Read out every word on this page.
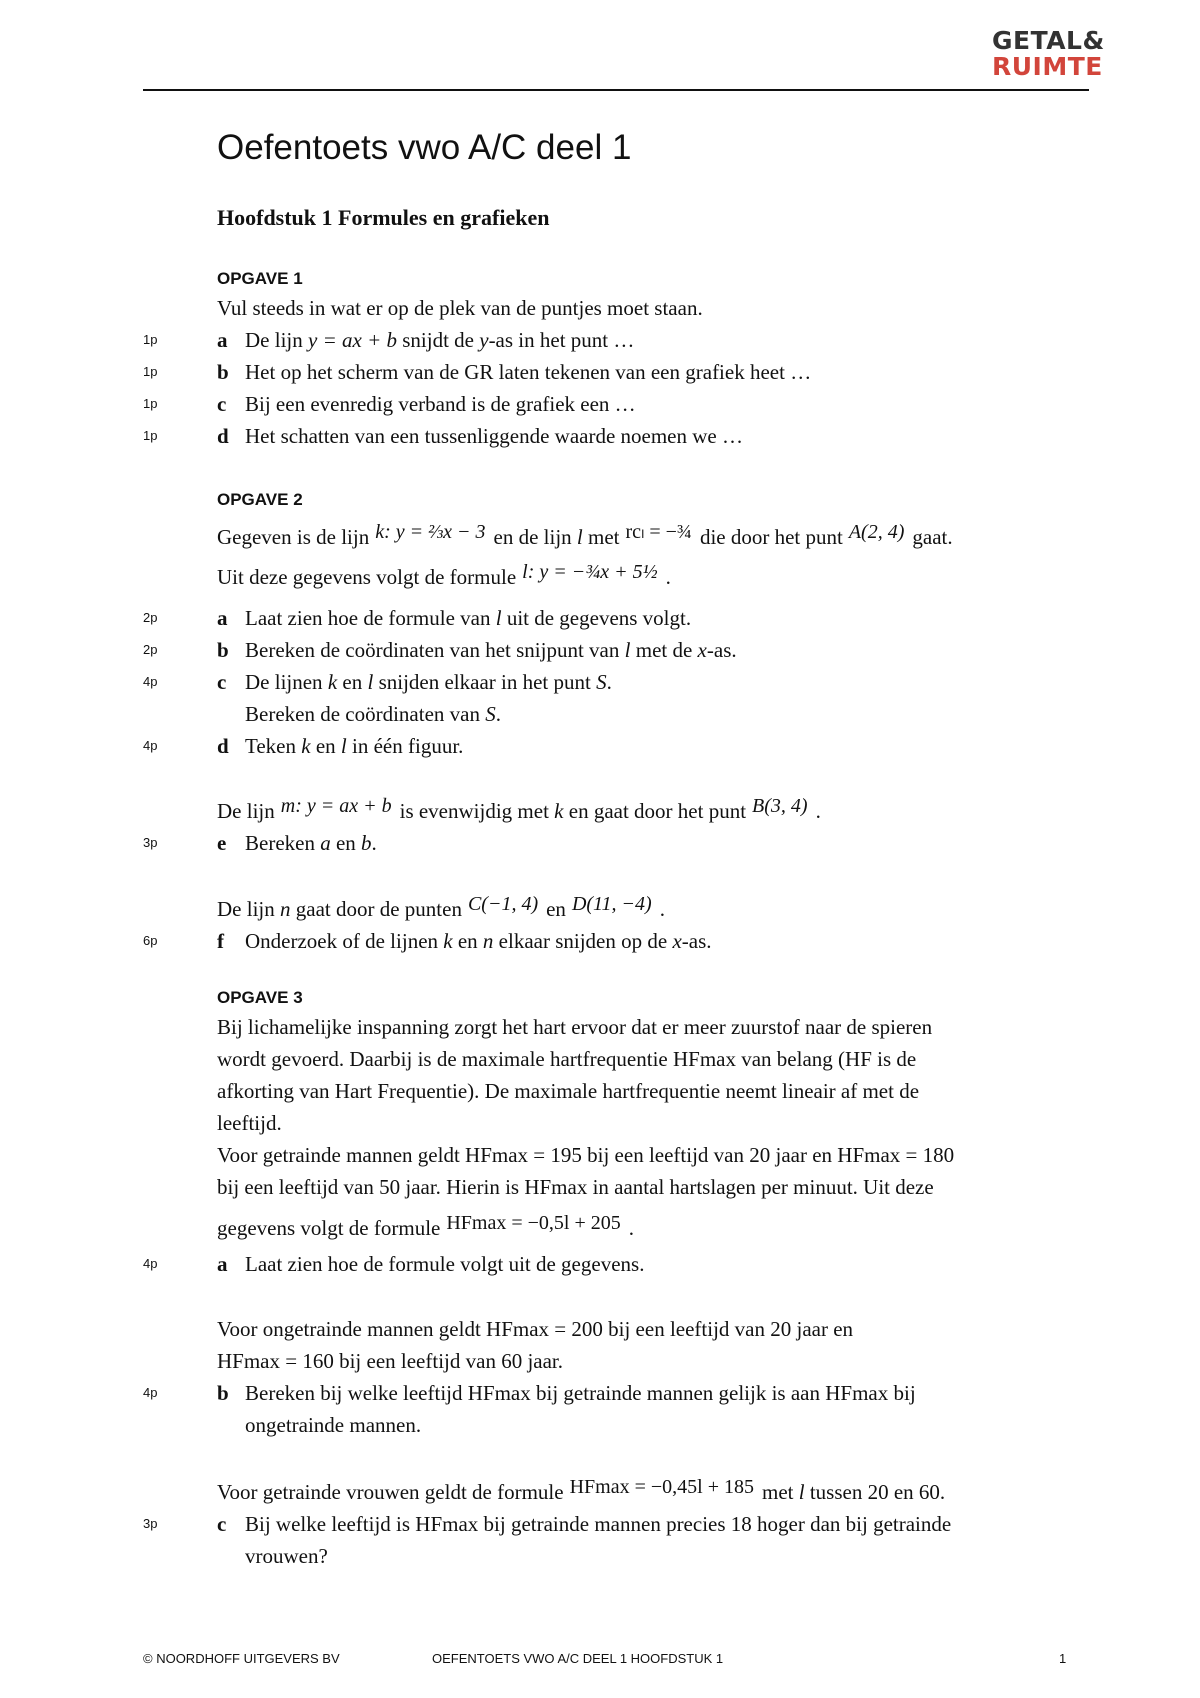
GETAL&
RUIMTE
Oefentoets vwo A/C deel 1
Hoofdstuk 1 Formules en grafieken
OPGAVE 1
Vul steeds in wat er op de plek van de puntjes moet staan.
1p	a De lijn y = ax + b snijdt de y-as in het punt …
1p	b Het op het scherm van de GR laten tekenen van een grafiek heet …
1p	c Bij een evenredig verband is de grafiek een …
1p	d Het schatten van een tussenliggende waarde noemen we …
OPGAVE 2
Gegeven is de lijn k: y = ⅔x − 3 en de lijn l met rcₗ = −¾ die door het punt A(2, 4) gaat.
Uit deze gegevens volgt de formule l: y = −¾x + 5½ .
2p	a Laat zien hoe de formule van l uit de gegevens volgt.
2p	b Bereken de coördinaten van het snijpunt van l met de x-as.
4p	c De lijnen k en l snijden elkaar in het punt S.
Bereken de coördinaten van S.
4p	d Teken k en l in één figuur.
De lijn m: y = ax + b is evenwijdig met k en gaat door het punt B(3, 4) .
3p	e Bereken a en b.
De lijn n gaat door de punten C(−1, 4) en D(11, −4) .
6p	f Onderzoek of de lijnen k en n elkaar snijden op de x-as.
OPGAVE 3
Bij lichamelijke inspanning zorgt het hart ervoor dat er meer zuurstof naar de spieren
wordt gevoerd. Daarbij is de maximale hartfrequentie HFmax van belang (HF is de
afkorting van Hart Frequentie). De maximale hartfrequentie neemt lineair af met de
leeftijd.
Voor getrainde mannen geldt HFmax = 195 bij een leeftijd van 20 jaar en HFmax = 180
bij een leeftijd van 50 jaar. Hierin is HFmax in aantal hartslagen per minuut. Uit deze
gegevens volgt de formule HFmax = −0,5l + 205 .
4p	a Laat zien hoe de formule volgt uit de gegevens.
Voor ongetrainde mannen geldt HFmax = 200 bij een leeftijd van 20 jaar en
HFmax = 160 bij een leeftijd van 60 jaar.
4p	b Bereken bij welke leeftijd HFmax bij getrainde mannen gelijk is aan HFmax bij
ongetrainde mannen.
Voor getrainde vrouwen geldt de formule HFmax = −0,45l + 185 met l tussen 20 en 60.
3p	c Bij welke leeftijd is HFmax bij getrainde mannen precies 18 hoger dan bij getrainde
vrouwen?
© NOORDHOFF UITGEVERS BV	OEFENTOETS VWO A/C DEEL 1 HOOFDSTUK 1	1
